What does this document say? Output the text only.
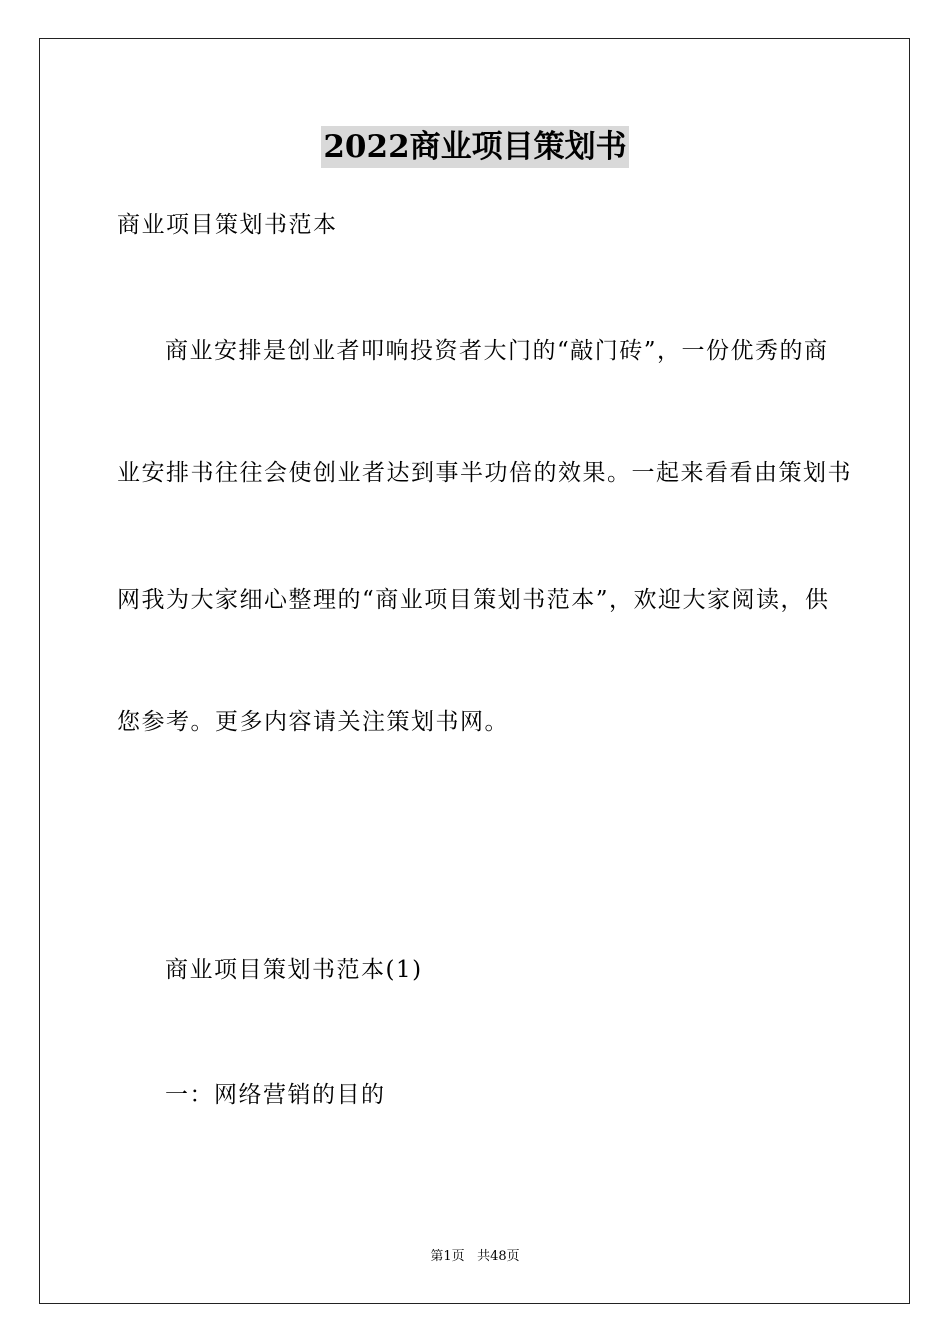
2022商业项目策划书
商业项目策划书范本
商业安排是创业者叩响投资者大门的“敲门砖”，一份优秀的商
业安排书往往会使创业者达到事半功倍的效果。一起来看看由策划书
网我为大家细心整理的“商业项目策划书范本”，欢迎大家阅读，供
您参考。更多内容请关注策划书网。
商业项目策划书范本(1)
一：网络营销的目的
第1页 共48页
